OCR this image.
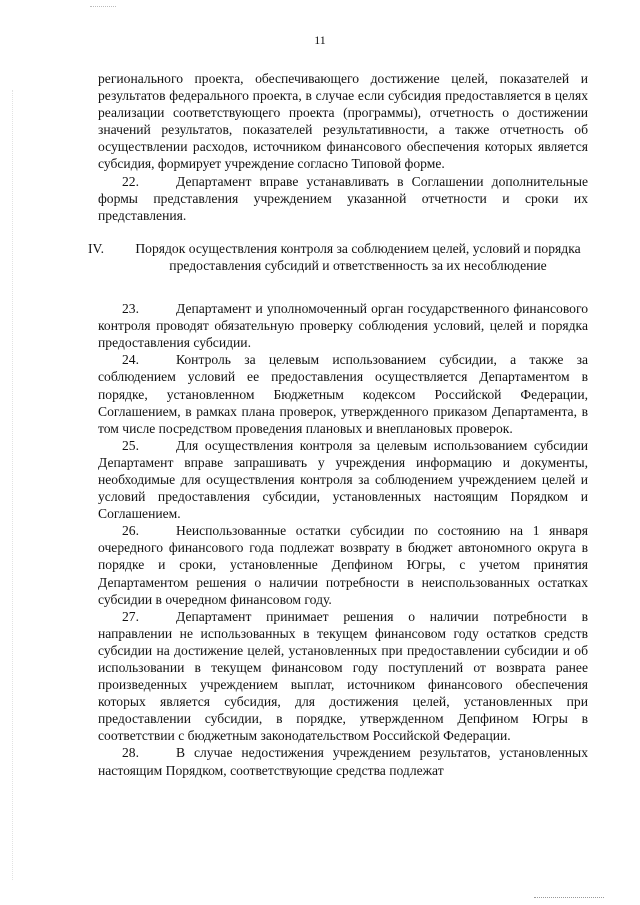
11

регионального проекта, обеспечивающего достижение целей, показателей и результатов федерального проекта, в случае если субсидия предоставляется в целях реализации соответствующего проекта (программы), отчетность о достижении значений результатов, показателей результативности, а также отчетность об осуществлении расходов, источником финансового обеспечения которых является субсидия, формирует учреждение согласно Типовой форме.

22.	Департамент вправе устанавливать в Соглашении дополнительные формы представления учреждением указанной отчетности и сроки их представления.

IV.	Порядок осуществления контроля за соблюдением целей, условий и порядка предоставления субсидий и ответственность за их несоблюдение

23.	Департамент и уполномоченный орган государственного финансового контроля проводят обязательную проверку соблюдения условий, целей и порядка предоставления субсидии.

24.	Контроль за целевым использованием субсидии, а также за соблюдением условий ее предоставления осуществляется Департаментом в порядке, установленном Бюджетным кодексом Российской Федерации, Соглашением, в рамках плана проверок, утвержденного приказом Департамента, в том числе посредством проведения плановых и внеплановых проверок.

25.	Для осуществления контроля за целевым использованием субсидии Департамент вправе запрашивать у учреждения информацию и документы, необходимые для осуществления контроля за соблюдением учреждением целей и условий предоставления субсидии, установленных настоящим Порядком и Соглашением.

26.	Неиспользованные остатки субсидии по состоянию на 1 января очередного финансового года подлежат возврату в бюджет автономного округа в порядке и сроки, установленные Депфином Югры, с учетом принятия Департаментом решения о наличии потребности в неиспользованных остатках субсидии в очередном финансовом году.

27.	Департамент принимает решения о наличии потребности в направлении не использованных в текущем финансовом году остатков средств субсидии на достижение целей, установленных при предоставлении субсидии и об использовании в текущем финансовом году поступлений от возврата ранее произведенных учреждением выплат, источником финансового обеспечения которых является субсидия, для достижения целей, установленных при предоставлении субсидии, в порядке, утвержденном Депфином Югры в соответствии с бюджетным законодательством Российской Федерации.

28.	В случае недостижения учреждением результатов, установленных настоящим Порядком, соответствующие средства подлежат
